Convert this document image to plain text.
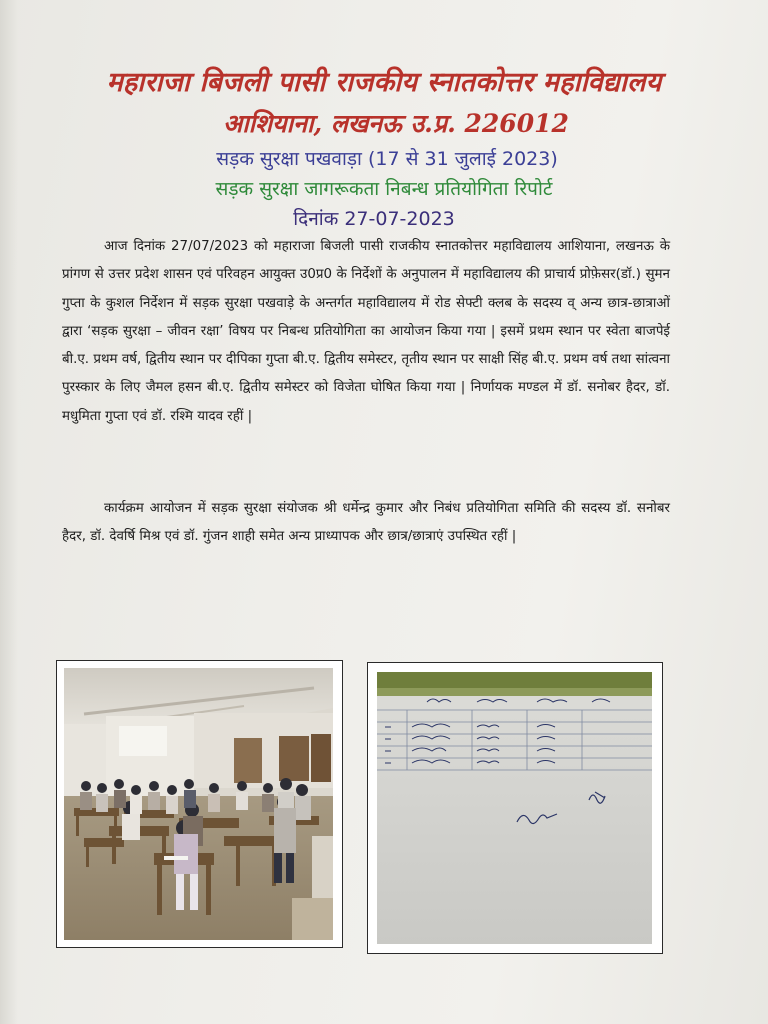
महाराजा बिजली पासी राजकीय स्नातकोत्तर महाविद्यालय
आशियाना, लखनऊ उ.प्र. 226012
सड़क सुरक्षा पखवाड़ा (17 से 31 जुलाई 2023)
सड़क सुरक्षा जागरूकता निबन्ध प्रतियोगिता रिपोर्ट
दिनांक 27-07-2023

आज दिनांक 27/07/2023 को महाराजा बिजली पासी राजकीय स्नातकोत्तर महाविद्यालय आशियाना, लखनऊ के प्रांगण से उत्तर प्रदेश शासन एवं परिवहन आयुक्त उ0प्र0 के निर्देशों के अनुपालन में महाविद्यालय की प्राचार्य प्रोफ़ेसर(डॉ.) सुमन गुप्ता के कुशल निर्देशन में सड़क सुरक्षा पखवाड़े के अन्तर्गत महाविद्यालय में रोड सेफ्टी क्लब के सदस्य व् अन्य छात्र-छात्राओं द्वारा ‘सड़क सुरक्षा – जीवन रक्षा’ विषय पर निबन्ध प्रतियोगिता का आयोजन किया गया | इसमें प्रथम स्थान पर स्वेता बाजपेई बी.ए. प्रथम वर्ष, द्वितीय स्थान पर दीपिका गुप्ता बी.ए. द्वितीय समेस्टर, तृतीय स्थान पर साक्षी सिंह बी.ए. प्रथम वर्ष तथा सांत्वना पुरस्कार के लिए जैमल हसन बी.ए. द्वितीय समेस्टर को विजेता घोषित किया गया | निर्णायक मण्डल में डॉ. सनोबर हैदर, डॉ. मधुमिता गुप्ता एवं डॉ. रश्मि यादव रहीं |

कार्यक्रम आयोजन में सड़क सुरक्षा संयोजक श्री धर्मेन्द्र कुमार और निबंध प्रतियोगिता समिति की सदस्य डॉ. सनोबर हैदर, डॉ. देवर्षि मिश्र एवं डॉ. गुंजन शाही समेत अन्य प्राध्यापक और छात्र/छात्राएं उपस्थित रहीं |
